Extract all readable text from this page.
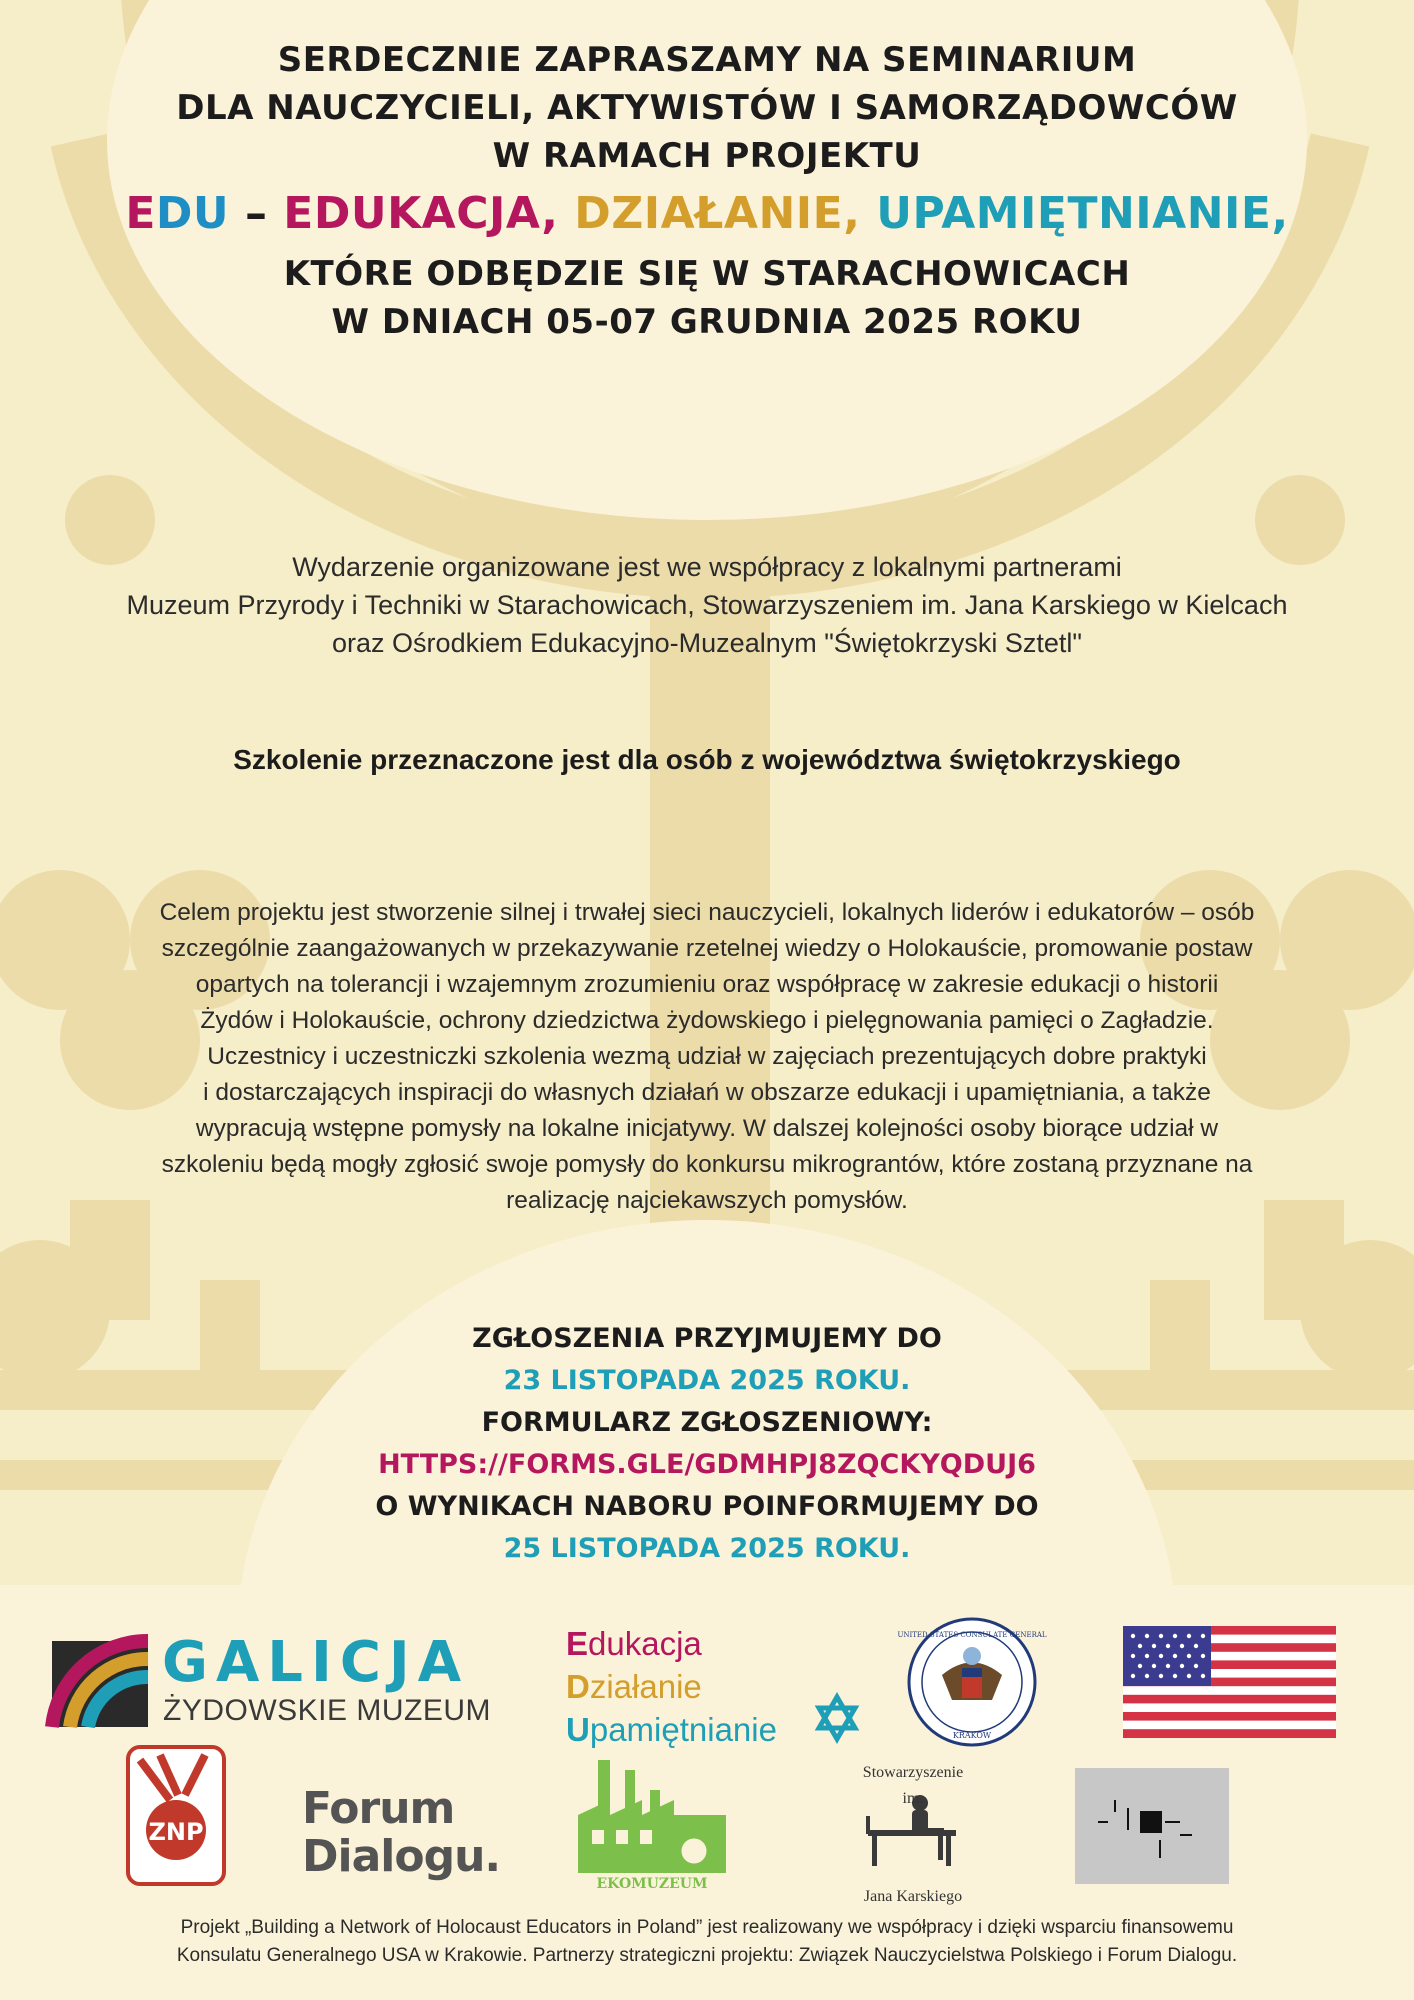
SERDECZNIE ZAPRASZAMY NA SEMINARIUM
DLA NAUCZYCIELI, AKTYWISTÓW I SAMORZĄDOWCÓW
W RAMACH PROJEKTU
EDU – EDUKACJA, DZIAŁANIE, UPAMIĘTNIANIE,
KTÓRE ODBĘDZIE SIĘ W STARACHOWICACH
W DNIACH 05-07 GRUDNIA 2025 ROKU
Wydarzenie organizowane jest we współpracy z lokalnymi partnerami
Muzeum Przyrody i Techniki w Starachowicach, Stowarzyszeniem im. Jana Karskiego w Kielcach
oraz Ośrodkiem Edukacyjno-Muzealnym "Świętokrzyski Sztetl"
Szkolenie przeznaczone jest dla osób z województwa świętokrzyskiego
Celem projektu jest stworzenie silnej i trwałej sieci nauczycieli, lokalnych liderów i edukatorów – osób
szczególnie zaangażowanych w przekazywanie rzetelnej wiedzy o Holokauście, promowanie postaw
opartych na tolerancji i wzajemnym zrozumieniu oraz współpracę w zakresie edukacji o historii
Żydów i Holokauście, ochrony dziedzictwa żydowskiego i pielęgnowania pamięci o Zagładzie.
Uczestnicy i uczestniczki szkolenia wezmą udział w zajęciach prezentujących dobre praktyki
i dostarczających inspiracji do własnych działań w obszarze edukacji i upamiętniania, a także
wypracują wstępne pomysły na lokalne inicjatywy. W dalszej kolejności osoby biorące udział w
szkoleniu będą mogły zgłosić swoje pomysły do konkursu mikrograntów, które zostaną przyznane na
realizację najciekawszych pomysłów.
ZGŁOSZENIA PRZYJMUJEMY DO
23 LISTOPADA 2025 ROKU.
FORMULARZ ZGŁOSZENIOWY:
HTTPS://FORMS.GLE/GDMHPJ8ZQCKYQDUJ6
O WYNIKACH NABORU POINFORMUJEMY DO
25 LISTOPADA 2025 ROKU.
UNITED STATES CONSULATE GENERAL
KRAKOW
ZNP
EKOMUZEUM
GALICJA
ŻYDOWSKIE MUZEUM
Edukacja
Działanie
Upamiętnianie
Forum
Dialogu.
Stowarzyszenie
im.
Jana Karskiego
Projekt „Building a Network of Holocaust Educators in Poland” jest realizowany we współpracy i dzięki wsparciu finansowemu
Konsulatu Generalnego USA w Krakowie. Partnerzy strategiczni projektu: Związek Nauczycielstwa Polskiego i Forum Dialogu.
